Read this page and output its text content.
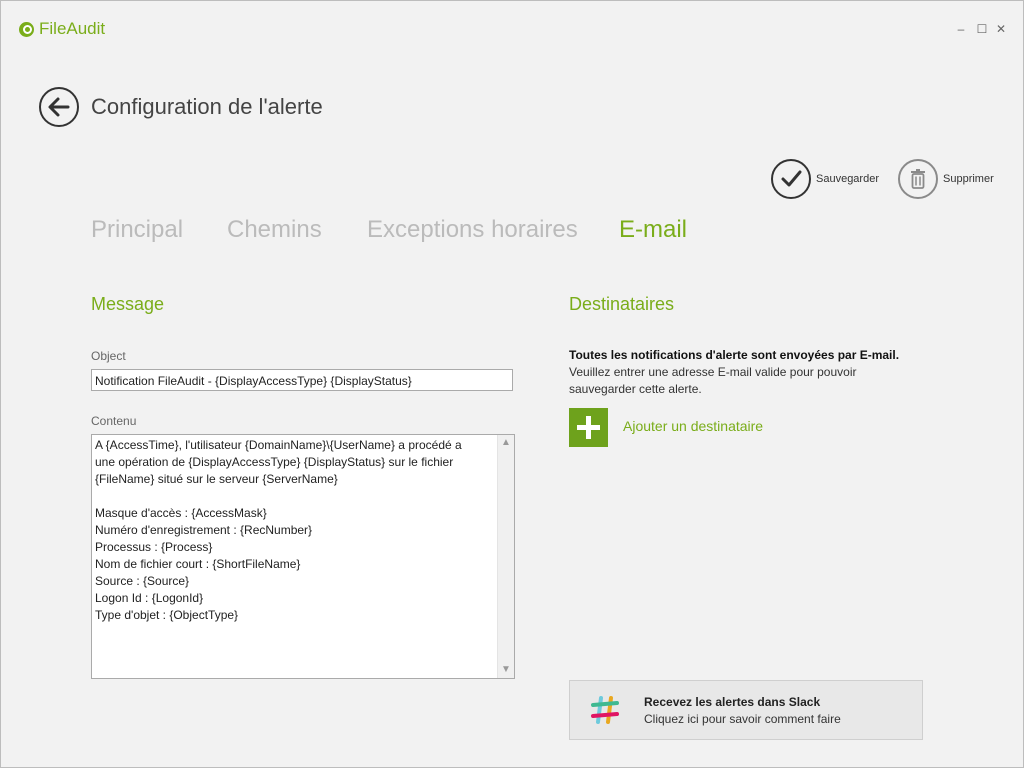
FileAudit	–	☐ ✕
Configuration de l'alerte
Sauvegarder	Supprimer
Principal Chemins Exceptions horaires E-mail
Message
Object
Notification FileAudit - {DisplayAccessType} {DisplayStatus}
Contenu
A {AccessTime}, l'utilisateur {DomainName}\{UserName} a procédé a
une opération de {DisplayAccessType} {DisplayStatus} sur le fichier
{FileName} situé sur le serveur {ServerName}
Masque d'accès : {AccessMask}
Numéro d'enregistrement : {RecNumber}
Processus : {Process}
Nom de fichier court : {ShortFileName}
Source : {Source}
Logon Id : {LogonId}
Type d'objet : {ObjectType}
▲
▼
Destinataires
Toutes les notifications d'alerte sont envoyées par E-mail. Veuillez entrer une adresse E-mail valide pour pouvoir sauvegarder cette alerte.
Ajouter un destinataire
Recevez les alertes dans Slack
Cliquez ici pour savoir comment faire
